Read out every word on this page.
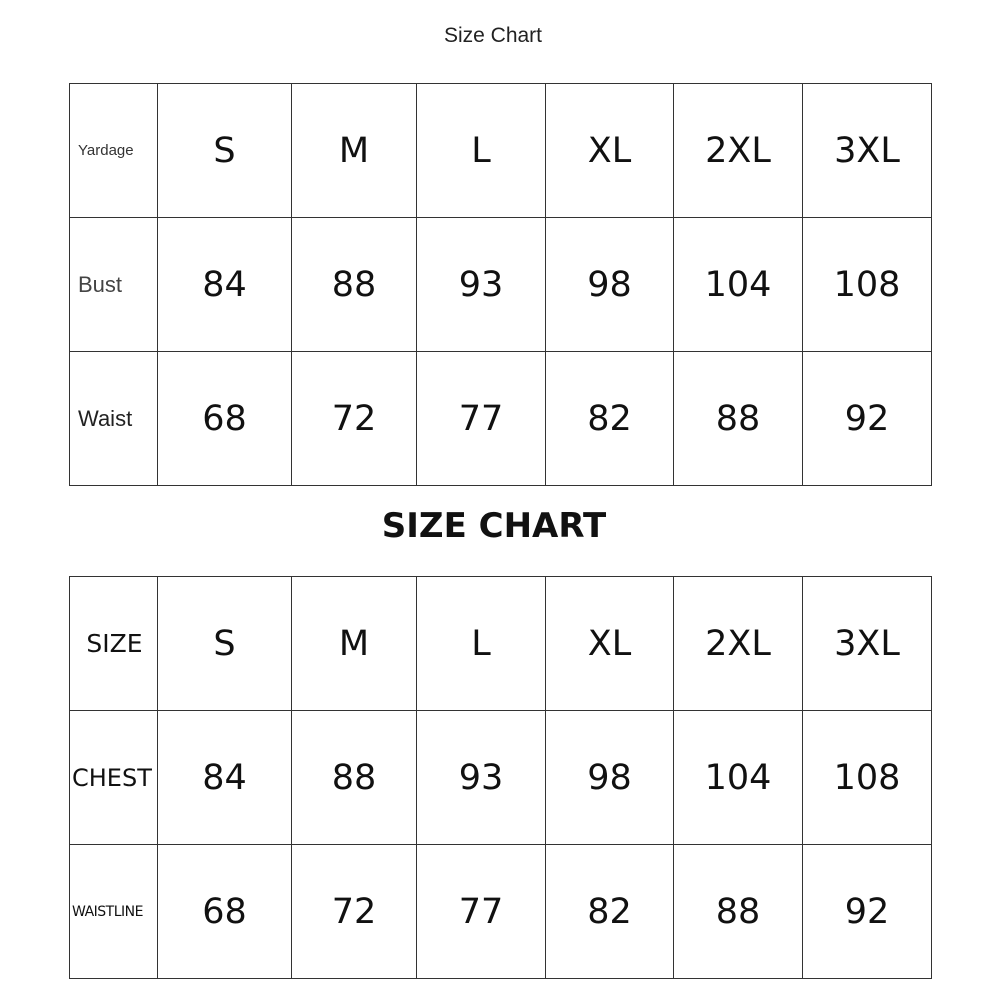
Size Chart
Yardage	S	M	L	XL	2XL	3XL
Bust	84	88	93	98	104	108
Waist	68	72	77	82	88	92
SIZE CHART
SIZE	S	M	L	XL	2XL	3XL
CHEST	84	88	93	98	104	108
WAISTLINE	68	72	77	82	88	92
